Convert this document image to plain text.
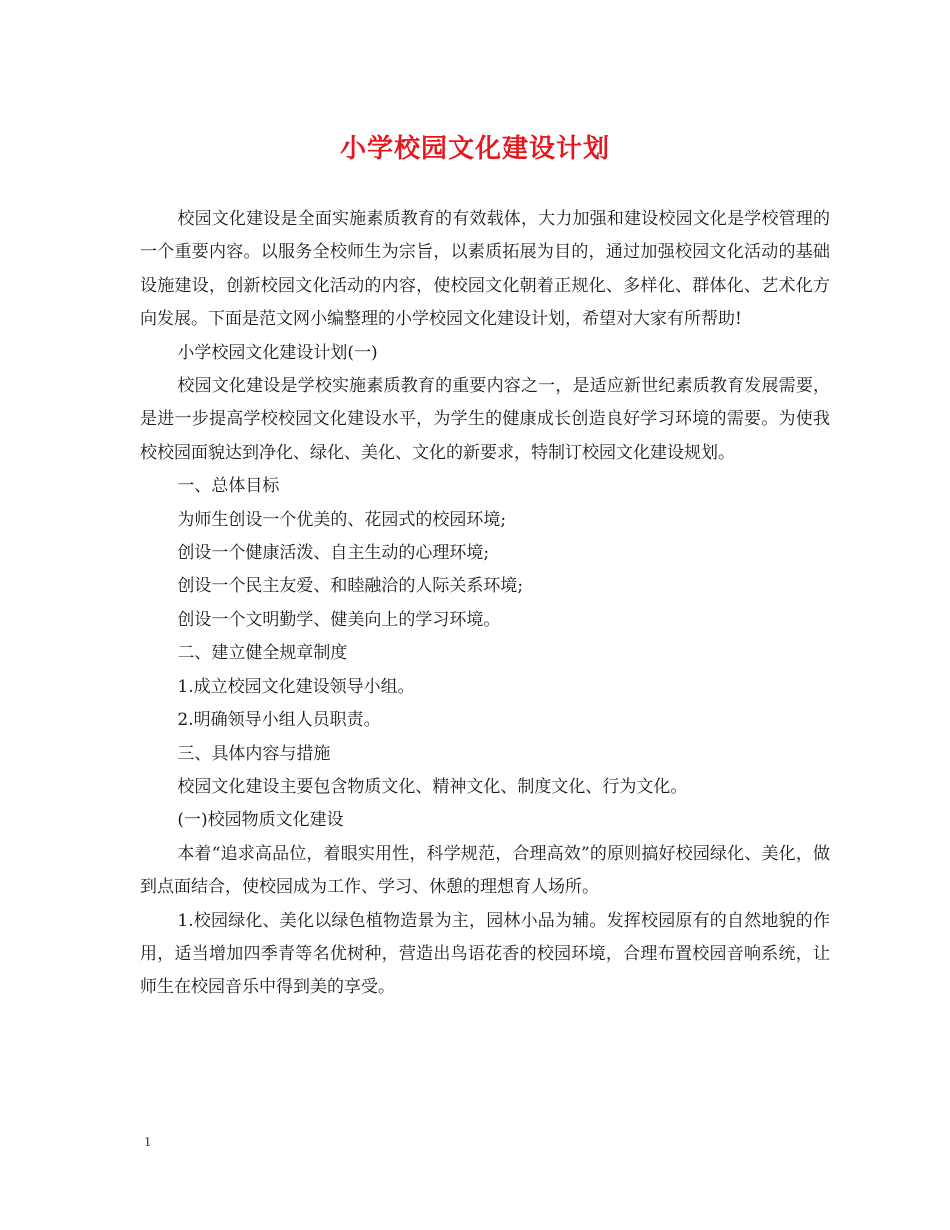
小学校园文化建设计划

校园文化建设是全面实施素质教育的有效载体，大力加强和建设校园文化是学校管理的一个重要内容。以服务全校师生为宗旨，以素质拓展为目的，通过加强校园文化活动的基础设施建设，创新校园文化活动的内容，使校园文化朝着正规化、多样化、群体化、艺术化方向发展。下面是范文网小编整理的小学校园文化建设计划，希望对大家有所帮助!

小学校园文化建设计划(一)

校园文化建设是学校实施素质教育的重要内容之一，是适应新世纪素质教育发展需要，是进一步提高学校校园文化建设水平，为学生的健康成长创造良好学习环境的需要。为使我校校园面貌达到净化、绿化、美化、文化的新要求，特制订校园文化建设规划。

一、总体目标

为师生创设一个优美的、花园式的校园环境;

创设一个健康活泼、自主生动的心理环境;

创设一个民主友爱、和睦融洽的人际关系环境;

创设一个文明勤学、健美向上的学习环境。

二、建立健全规章制度

1.成立校园文化建设领导小组。

2.明确领导小组人员职责。

三、具体内容与措施

校园文化建设主要包含物质文化、精神文化、制度文化、行为文化。

(一)校园物质文化建设

本着“追求高品位，着眼实用性，科学规范，合理高效”的原则搞好校园绿化、美化，做到点面结合，使校园成为工作、学习、休憩的理想育人场所。

1.校园绿化、美化以绿色植物造景为主，园林小品为辅。发挥校园原有的自然地貌的作用，适当增加四季青等名优树种，营造出鸟语花香的校园环境，合理布置校园音响系统，让师生在校园音乐中得到美的享受。

1
